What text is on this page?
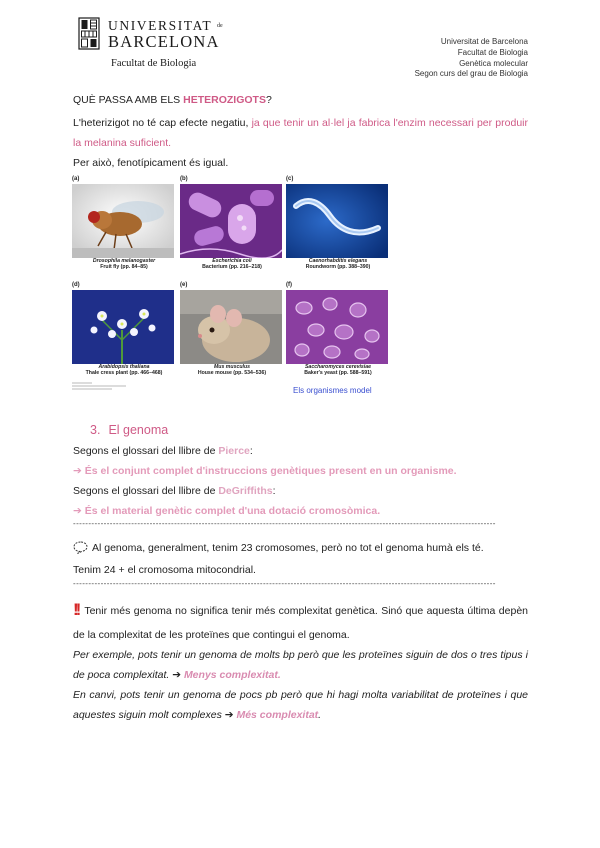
UNIVERSITAT $^{de}$
BARCELONA
Facultat de Biologia
Universitat de Barcelona
Facultat de Biologia
Genètica molecular
Segon curs del grau de Biologia

QUÈ PASSA AMB ELS HETEROZIGOTS?

L'heterizigot no té cap efecte negatiu, ja que tenir un al·lel ja fabrica l'enzim necessari per produir la melanina suficient.

Per això, fenotípicament és igual.

(a)
Drosophila melanogaster
Fruit fly (pp. 84–85)
(b)
Escherichia coli
Bacterium (pp. 216–218)
(c)
Caenorhabditis elegans
Roundworm (pp. 388–390)
(d)
Arabidopsis thaliana
Thale cress plant (pp. 466–468)
(e)
Mus musculus
House mouse (pp. 534–536)
(f)
Saccharomyces cerevisiae
Baker's yeast (pp. 588–591)
Els organismes model
3. El genoma

Segons el glossari del llibre de Pierce:

➔ És el conjunt complet d'instruccions genètiques present en un organisme.

Segons el glossari del llibre de DeGriffiths:

➔ És el material genètic complet d'una dotació cromosòmica.

------------------------------------------------------------------------------------------------------------------------------------------

Al genoma, generalment, tenim 23 cromosomes, però no tot el genoma humà els té.

Tenim 24 + el cromosoma mitocondrial.

------------------------------------------------------------------------------------------------------------------------------------------

!! Tenir més genoma no significa tenir més complexitat genètica. Sinó que aquesta última depèn de la complexitat de les proteïnes que contingui el genoma.

Per exemple, pots tenir un genoma de molts bp però que les proteïnes siguin de dos o tres tipus i de poca complexitat. ➔ Menys complexitat.

En canvi, pots tenir un genoma de pocs pb però que hi hagi molta variabilitat de proteïnes i que aquestes siguin molt complexes ➔ Més complexitat.
